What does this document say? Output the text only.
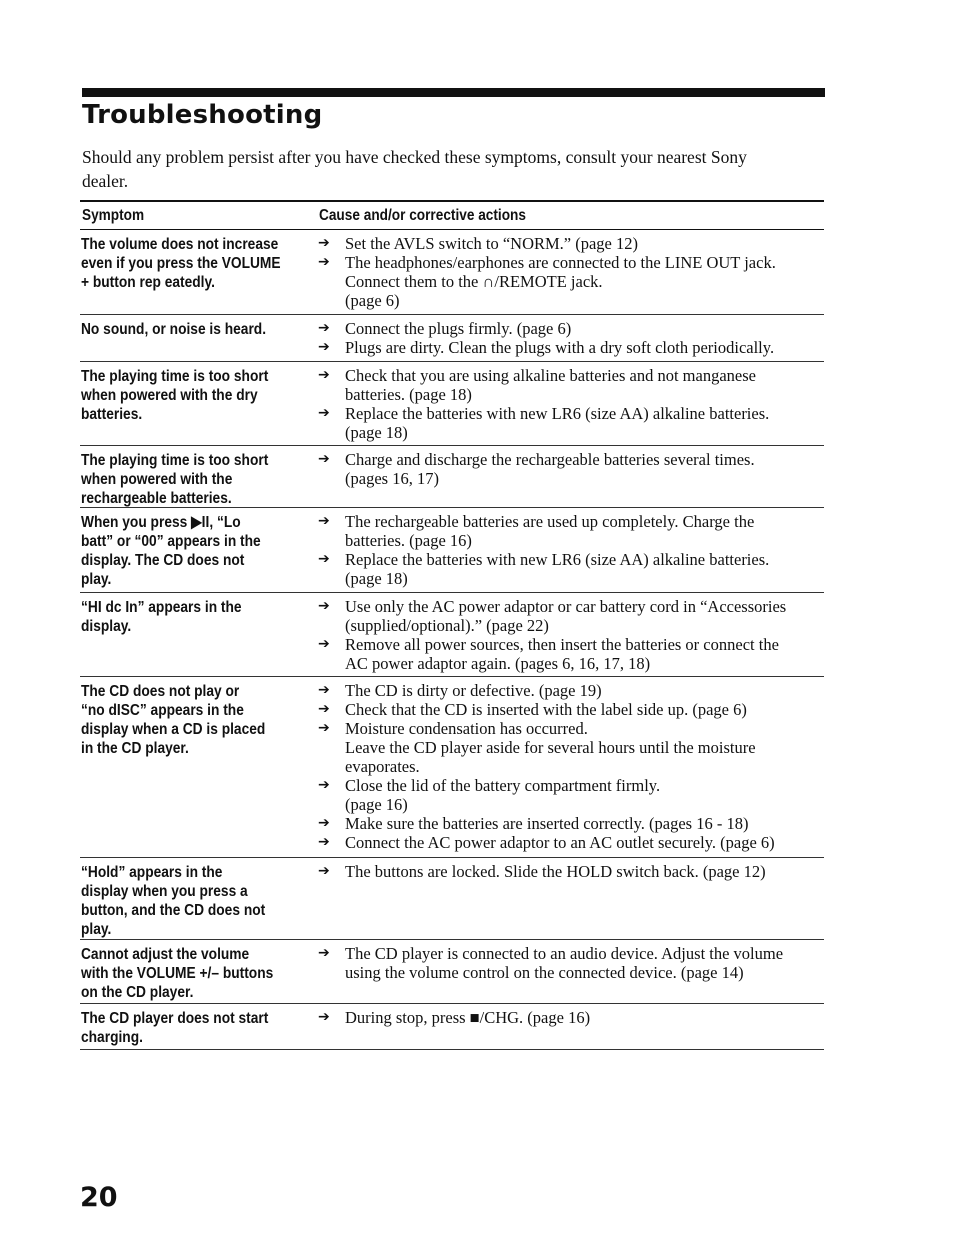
Troubleshooting
Should any problem persist after you have checked these symptoms, consult your nearest Sony
dealer.
Symptom	Cause and/or corrective actions
The volume does not increase
even if you press the VOLUME
+ button rep eatedly.
➔ Set the AVLS switch to “NORM.” (page 12)
➔ The headphones/earphones are connected to the LINE OUT jack.
Connect them to the ∩/REMOTE jack.
(page 6)
No sound, or noise is heard.	➔ Connect the plugs firmly. (page 6)
➔ Plugs are dirty. Clean the plugs with a dry soft cloth periodically.
The playing time is too short
when powered with the dry
batteries.
➔ Check that you are using alkaline batteries and not manganese
batteries. (page 18)
➔ Replace the batteries with new LR6 (size AA) alkaline batteries.
(page 18)
The playing time is too short
when powered with the
rechargeable batteries.
➔ Charge and discharge the rechargeable batteries several times.
(pages 16, 17)
When you press ▶II, “Lo
batt” or “00” appears in the
display. The CD does not
play.
➔ The rechargeable batteries are used up completely. Charge the
batteries. (page 16)
➔ Replace the batteries with new LR6 (size AA) alkaline batteries.
(page 18)
“HI dc In” appears in the
display.
➔ Use only the AC power adaptor or car battery cord in “Accessories
(supplied/optional).” (page 22)
➔ Remove all power sources, then insert the batteries or connect the
AC power adaptor again. (pages 6, 16, 17, 18)
The CD does not play or
“no dISC” appears in the
display when a CD is placed
in the CD player.
➔ The CD is dirty or defective. (page 19)
➔ Check that the CD is inserted with the label side up. (page 6)
➔ Moisture condensation has occurred.
Leave the CD player aside for several hours until the moisture
evaporates.
➔ Close the lid of the battery compartment firmly.
(page 16)
➔ Make sure the batteries are inserted correctly. (pages 16 - 18)
➔ Connect the AC power adaptor to an AC outlet securely. (page 6)
“Hold” appears in the
display when you press a
button, and the CD does not
play.
➔ The buttons are locked. Slide the HOLD switch back. (page 12)
Cannot adjust the volume
with the VOLUME +/– buttons
on the CD player.
➔ The CD player is connected to an audio device. Adjust the volume
using the volume control on the connected device. (page 14)
The CD player does not start
charging.
➔ During stop, press ■/CHG. (page 16)
20
